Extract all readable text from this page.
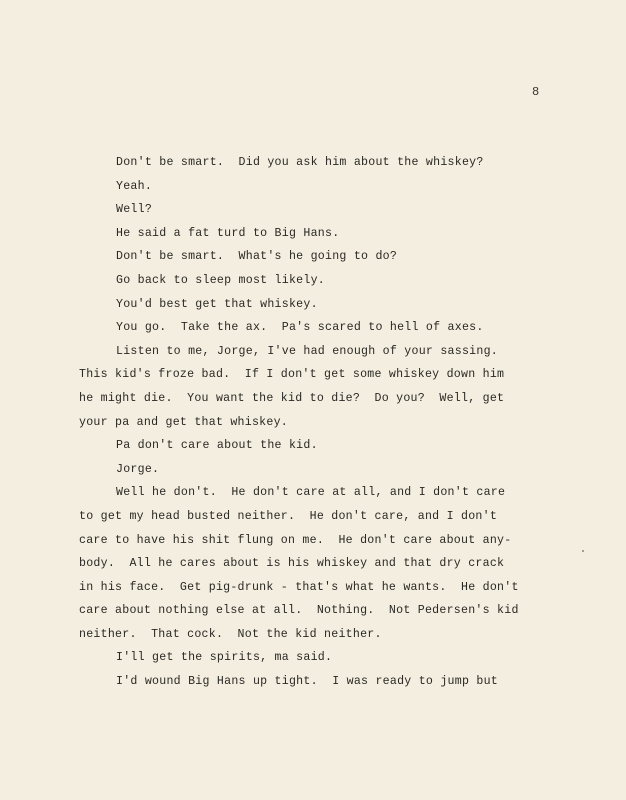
8
Don't be smart.  Did you ask him about the whiskey?
Yeah.
Well?
He said a fat turd to Big Hans.
Don't be smart.  What's he going to do?
Go back to sleep most likely.
You'd best get that whiskey.
You go.  Take the ax.  Pa's scared to hell of axes.
Listen to me, Jorge, I've had enough of your sassing.
This kid's froze bad.  If I don't get some whiskey down him
he might die.  You want the kid to die?  Do you?  Well, get
your pa and get that whiskey.
Pa don't care about the kid.
Jorge.
Well he don't.  He don't care at all, and I don't care
to get my head busted neither.  He don't care, and I don't
care to have his shit flung on me.  He don't care about any-
body.  All he cares about is his whiskey and that dry crack
in his face.  Get pig-drunk - that's what he wants.  He don't
care about nothing else at all.  Nothing.  Not Pedersen's kid
neither.  That cock.  Not the kid neither.
I'll get the spirits, ma said.
I'd wound Big Hans up tight.  I was ready to jump but
